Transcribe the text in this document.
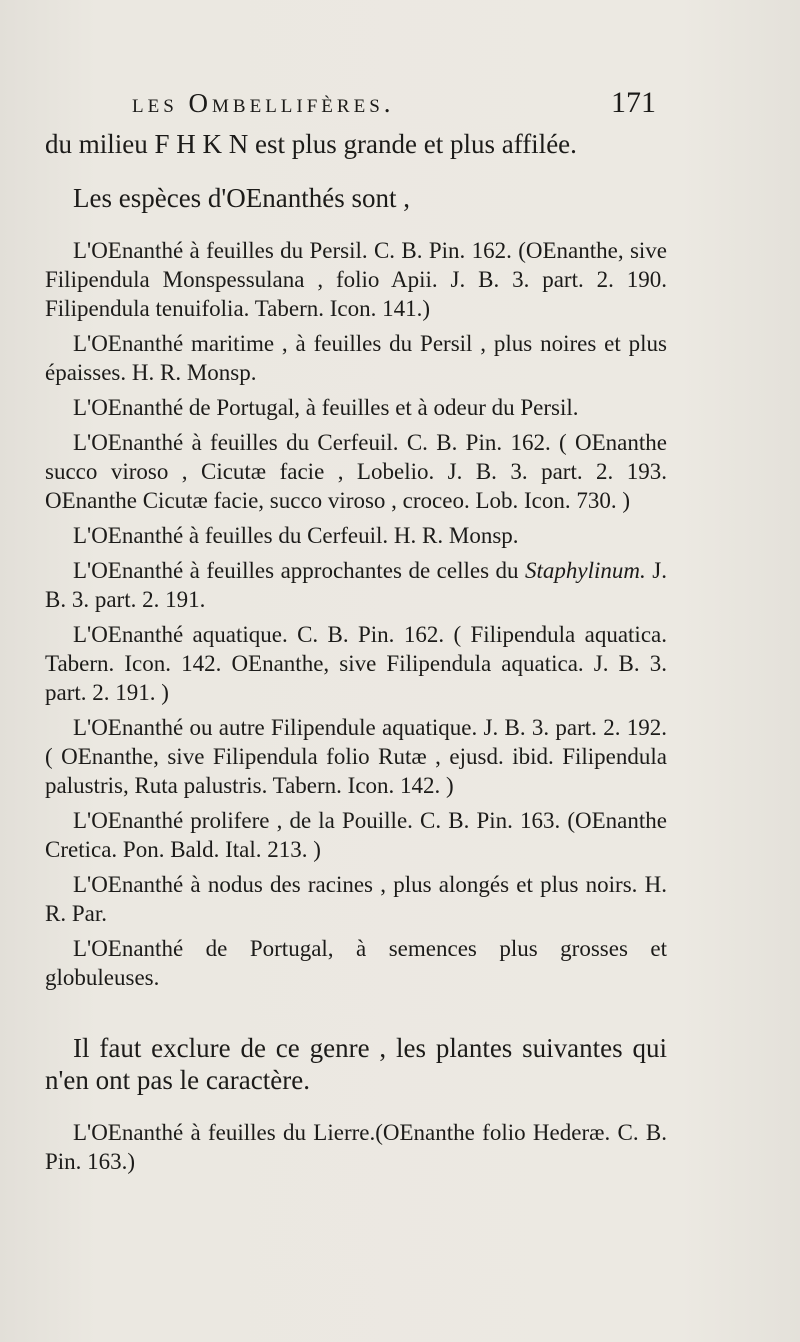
les Ombellifères.	171

du milieu F H K N est plus grande et plus affilée.

Les espèces d'OEnanthés sont ,

L'OEnanthé à feuilles du Persil. C. B. Pin. 162. (OEnanthe, sive Filipendula Monspessulana , folio Apii. J. B. 3. part. 2. 190. Filipendula tenuifolia. Tabern. Icon. 141.)

L'OEnanthé maritime , à feuilles du Persil , plus noires et plus épaisses. H. R. Monsp.

L'OEnanthé de Portugal, à feuilles et à odeur du Persil.

L'OEnanthé à feuilles du Cerfeuil. C. B. Pin. 162. ( OEnanthe succo viroso , Cicutæ facie , Lobelio. J. B. 3. part. 2. 193. OEnanthe Cicutæ facie, succo viroso , croceo. Lob. Icon. 730. )

L'OEnanthé à feuilles du Cerfeuil. H. R. Monsp.

L'OEnanthé à feuilles approchantes de celles du Staphylinum. J. B. 3. part. 2. 191.

L'OEnanthé aquatique. C. B. Pin. 162. ( Filipendula aquatica. Tabern. Icon. 142. OEnanthe, sive Filipendula aquatica. J. B. 3. part. 2. 191. )

L'OEnanthé ou autre Filipendule aquatique. J. B. 3. part. 2. 192. ( OEnanthe, sive Filipendula folio Rutæ , ejusd. ibid. Filipendula palustris, Ruta palustris. Tabern. Icon. 142. )

L'OEnanthé prolifere , de la Pouille. C. B. Pin. 163. (OEnanthe Cretica. Pon. Bald. Ital. 213. )

L'OEnanthé à nodus des racines , plus alongés et plus noirs. H. R. Par.

L'OEnanthé de Portugal, à semences plus grosses et globuleuses.

Il faut exclure de ce genre , les plantes suivantes qui n'en ont pas le caractère.

L'OEnanthé à feuilles du Lierre.(OEnanthe folio Hederæ. C. B. Pin. 163.)
